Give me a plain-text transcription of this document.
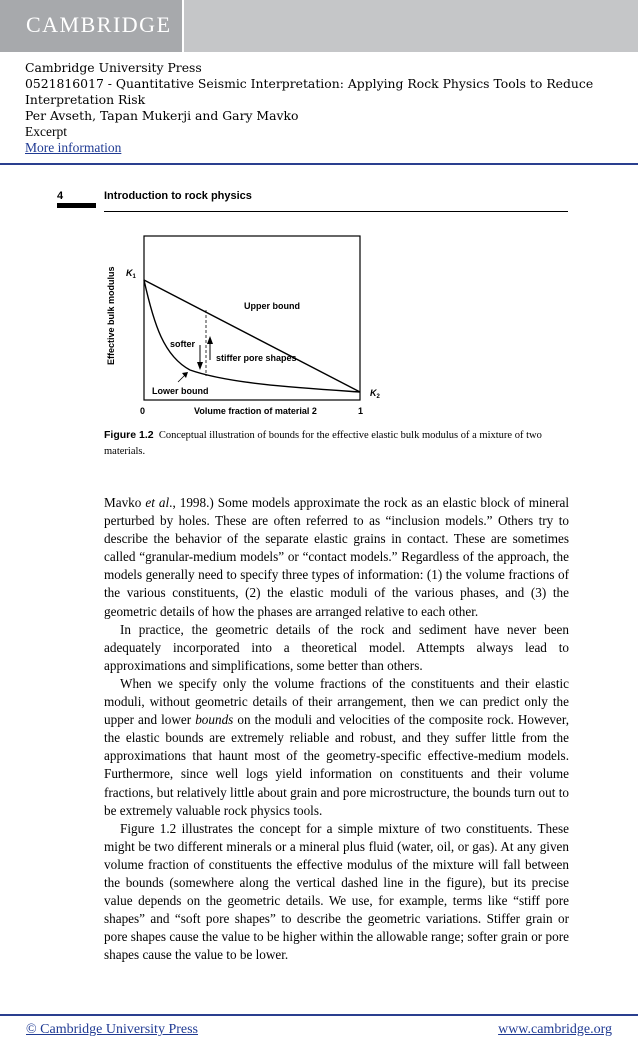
CAMBRIDGE
Cambridge University Press
0521816017 - Quantitative Seismic Interpretation: Applying Rock Physics Tools to Reduce
Interpretation Risk
Per Avseth, Tapan Mukerji and Gary Mavko
Excerpt
More information
4	Introduction to rock physics
Effective bulk modulus $K_1$
$K_2$
Upper bound
softer
stiffer pore shapes
Lower bound
0	1
Volume fraction of material 2
Figure 1.2 Conceptual illustration of bounds for the effective elastic bulk modulus of a mixture of two materials.

Mavko et al., 1998.) Some models approximate the rock as an elastic block of mineral perturbed by holes. These are often referred to as “inclusion models.” Others try to describe the behavior of the separate elastic grains in contact. These are sometimes called “granular-medium models” or “contact models.” Regardless of the approach, the models generally need to specify three types of information: (1) the volume fractions of the various constituents, (2) the elastic moduli of the various phases, and (3) the geometric details of how the phases are arranged relative to each other.

In practice, the geometric details of the rock and sediment have never been adequately incorporated into a theoretical model. Attempts always lead to approximations and simplifications, some better than others.

When we specify only the volume fractions of the constituents and their elastic moduli, without geometric details of their arrangement, then we can predict only the upper and lower bounds on the moduli and velocities of the composite rock. However, the elastic bounds are extremely reliable and robust, and they suffer little from the approximations that haunt most of the geometry-specific effective-medium models. Furthermore, since well logs yield information on constituents and their volume fractions, but relatively little about grain and pore microstructure, the bounds turn out to be extremely valuable rock physics tools.

Figure 1.2 illustrates the concept for a simple mixture of two constituents. These might be two different minerals or a mineral plus fluid (water, oil, or gas). At any given volume fraction of constituents the effective modulus of the mixture will fall between the bounds (somewhere along the vertical dashed line in the figure), but its precise value depends on the geometric details. We use, for example, terms like “stiff pore shapes” and “soft pore shapes” to describe the geometric variations. Stiffer grain or pore shapes cause the value to be higher within the allowable range; softer grain or pore shapes cause the value to be lower.

© Cambridge University Press	www.cambridge.org
